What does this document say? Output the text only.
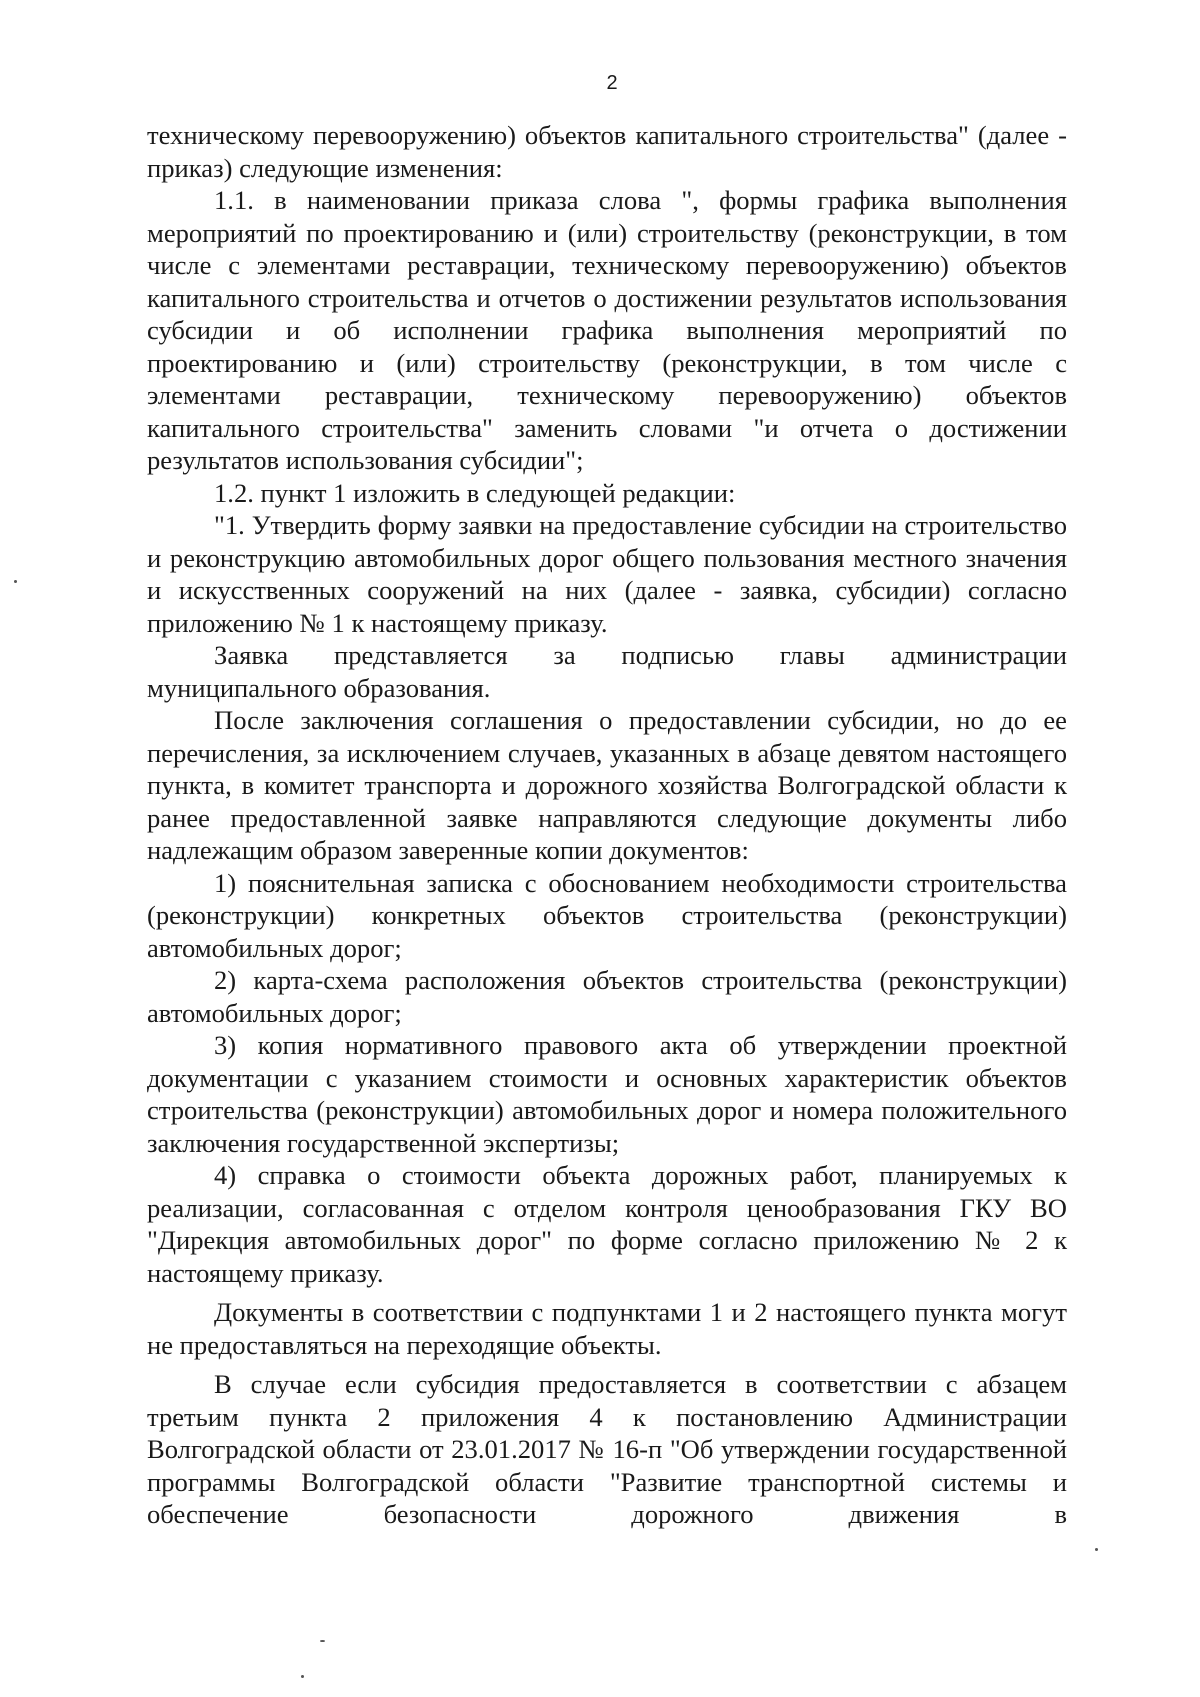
2

техническому перевооружению) объектов капитального строительства" (далее - приказ) следующие изменения:

1.1. в наименовании приказа слова ", формы графика выполнения мероприятий по проектированию и (или) строительству (реконструкции, в том числе с элементами реставрации, техническому перевооружению) объектов капитального строительства и отчетов о достижении результатов использования субсидии и об исполнении графика выполнения мероприятий по проектированию и (или) строительству (реконструкции, в том числе с элементами реставрации, техническому перевооружению) объектов капитального строительства" заменить словами "и отчета о достижении результатов использования субсидии";

1.2. пункт 1 изложить в следующей редакции:

"1. Утвердить форму заявки на предоставление субсидии на строительство и реконструкцию автомобильных дорог общего пользования местного значения и искусственных сооружений на них (далее - заявка, субсидии) согласно приложению № 1 к настоящему приказу.

Заявка представляется за подписью главы администрации муниципального образования.

После заключения соглашения о предоставлении субсидии, но до ее перечисления, за исключением случаев, указанных в абзаце девятом настоящего пункта, в комитет транспорта и дорожного хозяйства Волгоградской области к ранее предоставленной заявке направляются следующие документы либо надлежащим образом заверенные копии документов:

1) пояснительная записка с обоснованием необходимости строительства (реконструкции) конкретных объектов строительства (реконструкции) автомобильных дорог;

2) карта-схема расположения объектов строительства (реконструкции) автомобильных дорог;

3) копия нормативного правового акта об утверждении проектной документации с указанием стоимости и основных характеристик объектов строительства (реконструкции) автомобильных дорог и номера положительного заключения государственной экспертизы;

4) справка о стоимости объекта дорожных работ, планируемых к реализации, согласованная с отделом контроля ценообразования ГКУ ВО "Дирекция автомобильных дорог" по форме согласно приложению № 2 к настоящему приказу.

Документы в соответствии с подпунктами 1 и 2 настоящего пункта могут не предоставляться на переходящие объекты.

В случае если субсидия предоставляется в соответствии с абзацем третьим пункта 2 приложения 4 к постановлению Администрации Волгоградской области от 23.01.2017 № 16-п "Об утверждении государственной программы Волгоградской области "Развитие транспортной системы и обеспечение безопасности дорожного движения в
